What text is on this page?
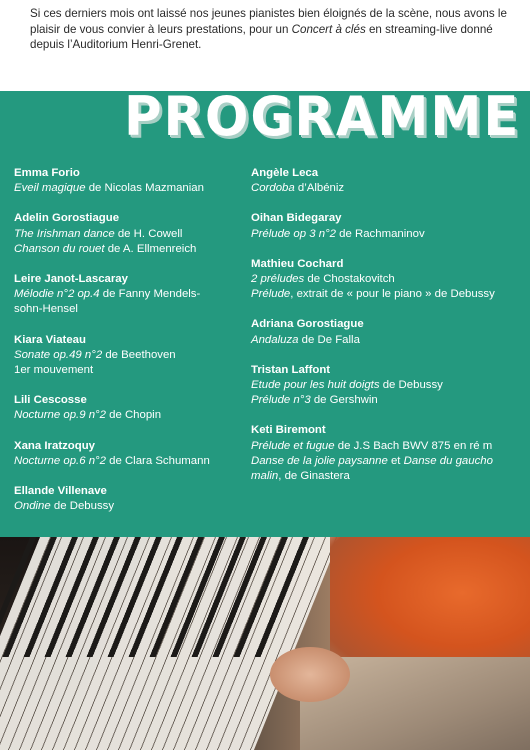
Si ces derniers mois ont laissé nos jeunes pianistes bien éloignés de la scène, nous avons le plaisir de vous convier à leurs prestations, pour un Concert à clés en streaming-live donné depuis l’Auditorium Henri-Grenet.
PROGRAMME
Emma Forio
Eveil magique de Nicolas Mazmanian
Adelin Gorostiague
The Irishman dance de H. Cowell
Chanson du rouet de A. Ellmenreich
Leire Janot-Lascaray
Mélodie n°2 op.4 de Fanny Mendels-
sohn-Hensel
Kiara Viateau
Sonate op.49 n°2 de Beethoven
1er mouvement
Lili Cescosse
Nocturne op.9 n°2 de Chopin
Xana Iratzoquy
Nocturne op.6 n°2 de Clara Schumann
Ellande Villenave
Ondine de Debussy
Angèle Leca
Cordoba d’Albéniz
Oihan Bidegaray
Prélude op 3 n°2 de Rachmaninov
Mathieu Cochard
2 préludes de Chostakovitch
Prélude, extrait de « pour le piano » de Debussy
Adriana Gorostiague
Andaluza de De Falla
Tristan Laffont
Etude pour les huit doigts de Debussy
Prélude n°3 de Gershwin
Keti Biremont
Prélude et fugue de J.S Bach BWV 875 en ré m
Danse de la jolie paysanne et Danse du gaucho
malin, de Ginastera
